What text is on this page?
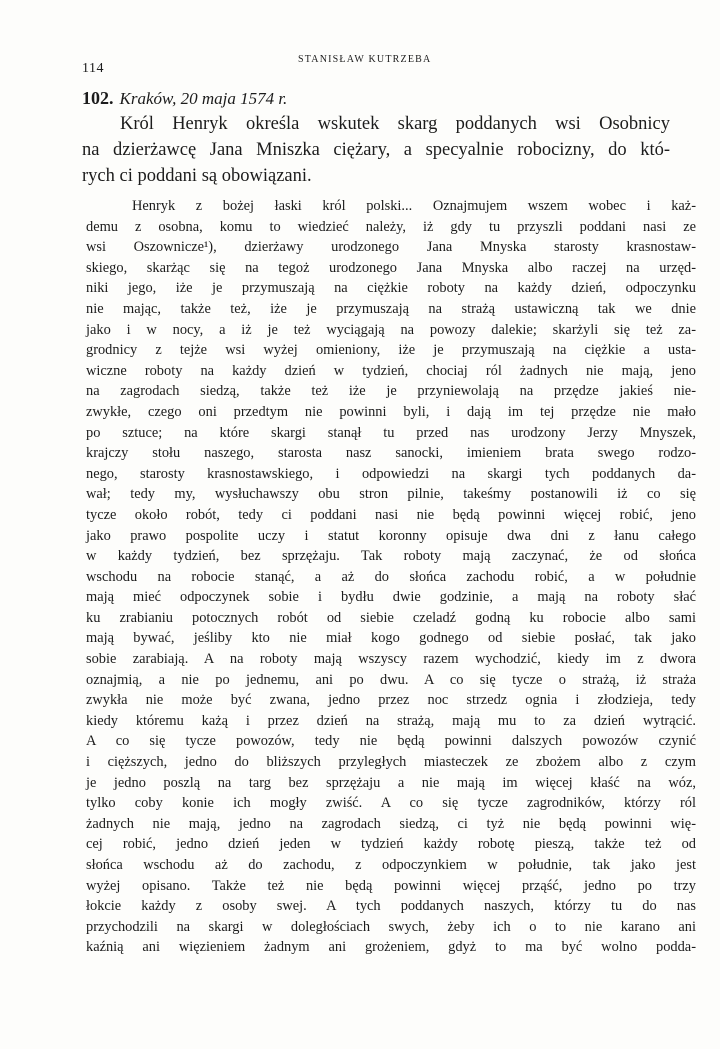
114
STANISŁAW KUTRZEBA
102. Kraków, 20 maja 1574 r.
Król Henryk określa wskutek skarg poddanych wsi Osobnicy
na dzierżawcę Jana Mniszka ciężary, a specyalnie robocizny, do któ-
rych ci poddani są obowiązani.
Henryk z bożej łaski król polski... Oznajmujem wszem wobec i każ-
demu z osobna, komu to wiedzieć należy, iż gdy tu przyszli poddani nasi ze
wsi Oszownicze¹), dzierżawy urodzonego Jana Mnyska starosty krasnostaw-
skiego, skarżąc się na tegoż urodzonego Jana Mnyska albo raczej na urzęd-
niki jego, iże je przymuszają na ciężkie roboty na każdy dzień, odpoczynku
nie mając, także też, iże je przymuszają na strażą ustawiczną tak we dnie
jako i w nocy, a iż je też wyciągają na powozy dalekie; skarżyli się też za-
grodnicy z tejże wsi wyżej omieniony, iże je przymuszają na ciężkie a usta-
wiczne roboty na każdy dzień w tydzień, chociaj ról żadnych nie mają, jeno
na zagrodach siedzą, także też iże je przyniewolają na przędze jakieś nie-
zwykłe, czego oni przedtym nie powinni byli, i dają im tej przędze nie mało
po sztuce; na które skargi stanął tu przed nas urodzony Jerzy Mnyszek,
krajczy stołu naszego, starosta nasz sanocki, imieniem brata swego rodzo-
nego, starosty krasnostawskiego, i odpowiedzi na skargi tych poddanych da-
wał; tedy my, wysłuchawszy obu stron pilnie, takeśmy postanowili iż co się
tycze około robót, tedy ci poddani nasi nie będą powinni więcej robić, jeno
jako prawo pospolite uczy i statut koronny opisuje dwa dni z łanu całego
w każdy tydzień, bez sprzężaju. Tak roboty mają zaczynać, że od słońca
wschodu na robocie stanąć, a aż do słońca zachodu robić, a w południe
mają mieć odpoczynek sobie i bydłu dwie godzinie, a mają na roboty słać
ku zrabianiu potocznych robót od siebie czeladź godną ku robocie albo sami
mają bywać, jeśliby kto nie miał kogo godnego od siebie posłać, tak jako
sobie zarabiają. A na roboty mają wszyscy razem wychodzić, kiedy im z dwora
oznajmią, a nie po jednemu, ani po dwu. A co się tycze o strażą, iż straża
zwykła nie może być zwana, jedno przez noc strzedz ognia i złodzieja, tedy
kiedy któremu każą i przez dzień na strażą, mają mu to za dzień wytrącić.
A co się tycze powozów, tedy nie będą powinni dalszych powozów czynić
i cięższych, jedno do bliższych przyległych miasteczek ze zbożem albo z czym
je jedno poszlą na targ bez sprzężaju a nie mają im więcej kłaść na wóz,
tylko coby konie ich mogły zwiść. A co się tycze zagrodników, którzy ról
żadnych nie mają, jedno na zagrodach siedzą, ci tyż nie będą powinni wię-
cej robić, jedno dzień jeden w tydzień każdy robotę pieszą, także też od
słońca wschodu aż do zachodu, z odpoczynkiem w południe, tak jako jest
wyżej opisano. Także też nie będą powinni więcej prząść, jedno po trzy
łokcie każdy z osoby swej. A tych poddanych naszych, którzy tu do nas
przychodzili na skargi w doległościach swych, żeby ich o to nie karano ani
kaźnią ani więzieniem żadnym ani grożeniem, gdyż to ma być wolno podda-
